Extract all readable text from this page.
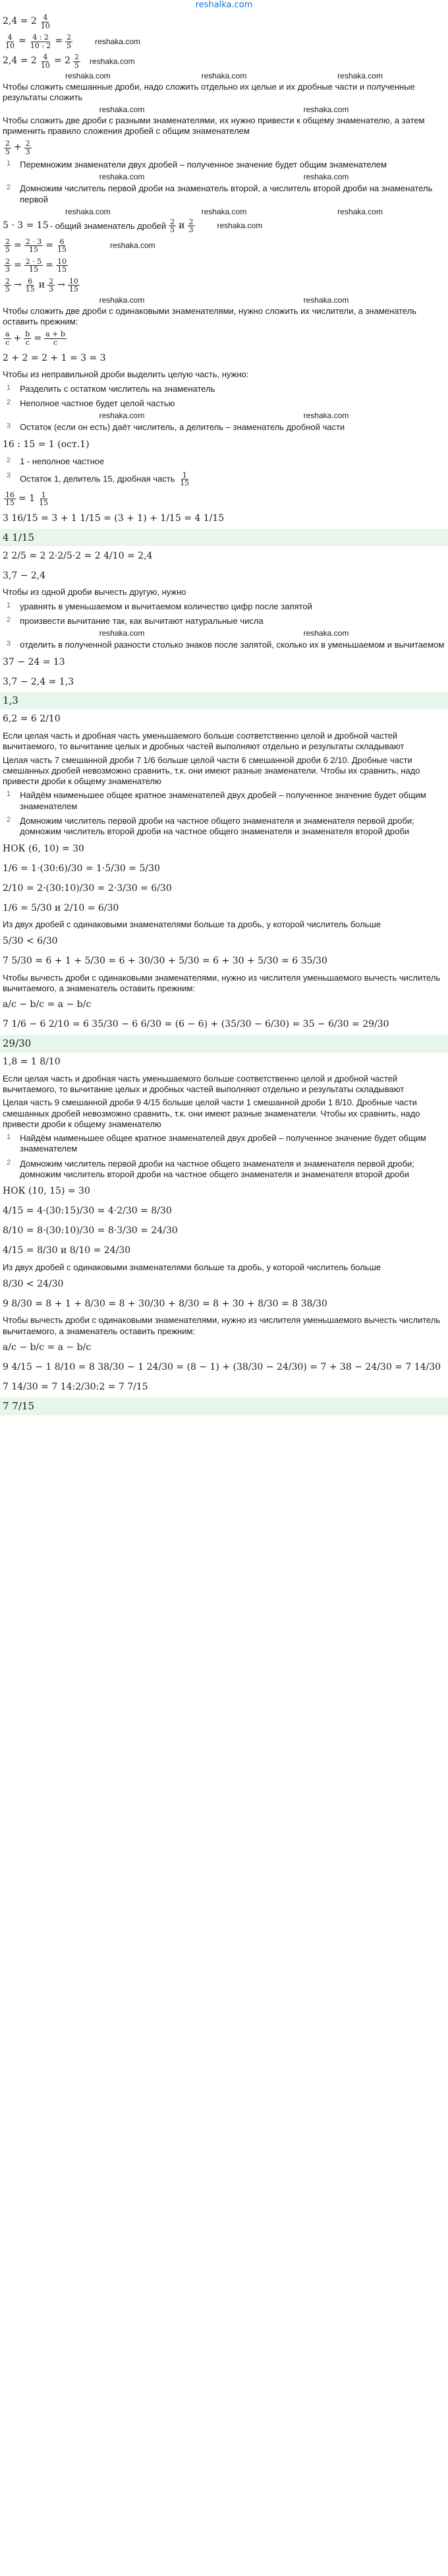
reshalka.com
$2,4 = 2 \frac{4}{10}$
$\frac{4}{10} = \frac{4 : 2}{10 : 2} = \frac{2}{5}$	reshaka.com
$2,4 = 2 \frac{4}{10} = 2 \frac{2}{5}$ reshaka.com
reshaka.com	reshaka.com	reshaka.com
Чтобы сложить смешанные дроби, надо сложить отдельно их целые и их дробные части и полученные результаты сложить
reshaka.com	reshaka.com
Чтобы сложить две дроби с разными знаменателями, их нужно привести к общему знаменателю, а затем применить правило сложения дробей с общим знаменателем
$\frac{2}{5} + \frac{2}{3}$
1 Перемножим знаменатели двух дробей – полученное значение будет общим знаменателем
reshaka.com	reshaka.com
2 Домножим числитель первой дроби на знаменатель второй, а числитель второй дроби на знаменатель первой
reshaka.com	reshaka.com	reshaka.com
5 · 3 = 15 - общий знаменатель дробей $\frac{2}{5}$ и $\frac{2}{3}$	reshaka.com
$\frac{2}{5} = \frac{2 \cdot 3}{15} = \frac{6}{15}$	reshaka.com
$\frac{2}{3} = \frac{2 \cdot 5}{15} = \frac{10}{15}$
$\frac{2}{5} \to \frac{6}{15}$ и $\frac{2}{3} \to \frac{10}{15}$
reshaka.com	reshaka.com
Чтобы сложить две дроби с одинаковыми знаменателями, нужно сложить их числители, а знаменатель оставить прежним:
$\frac{a}{c} + \frac{b}{c} = \frac{a + b}{c}$
2 + 2 = 2 + 1 = 3 = 3
Чтобы из неправильной дроби выделить целую часть, нужно:
1 Разделить с остатком числитель на знаменатель
2 Неполное частное будет целой частью
reshaka.com	reshaka.com
3 Остаток (если он есть) даёт числитель, а делитель – знаменатель дробной части
16 : 15 = 1 (ост.1)
2 1 - неполное частное
3 Остаток 1, делитель 15, дробная часть $\frac{1}{15}$
$\frac{16}{15} = 1 \frac{1}{15}$
3 16/15 = 3 + 1 1/15 = (3 + 1) + 1/15 = 4 1/15
4 1/15
2 2/5 = 2 2·2/5·2 = 2 4/10 = 2,4
3,7 − 2,4
Чтобы из одной дроби вычесть другую, нужно
1 уравнять в уменьшаемом и вычитаемом количество цифр после запятой
2 произвести вычитание так, как вычитают натуральные числа
reshaka.com	reshaka.com
3 отделить в полученной разности столько знаков после запятой, сколько их в уменьшаемом и вычитаемом
37 − 24 = 13
3,7 − 2,4 = 1,3
1,3
6,2 = 6 2/10
Если целая часть и дробная часть уменьшаемого больше соответственно целой и дробной частей вычитаемого, то вычитание целых и дробных частей выполняют отдельно и результаты складывают
Целая часть 7 смешанной дроби 7 1/6 больше целой части 6 смешанной дроби 6 2/10. Дробные части смешанных дробей невозможно сравнить, т.к. они имеют разные знаменатели. Чтобы их сравнить, надо привести дроби к общему знаменателю
1 Найдём наименьшее общее кратное знаменателей двух дробей – полученное значение будет общим знаменателем
2 Домножим числитель первой дроби на частное общего знаменателя и знаменателя первой дроби; домножим числитель второй дроби на частное общего знаменателя и знаменателя второй дроби
НОК (6, 10) = 30
1/6 = 1·(30:6)/30 = 1·5/30 = 5/30
2/10 = 2·(30:10)/30 = 2·3/30 = 6/30
1/6 = 5/30 и 2/10 = 6/30
Из двух дробей с одинаковыми знаменателями больше та дробь, у которой числитель больше
5/30 < 6/30
7 5/30 = 6 + 1 + 5/30 = 6 + 30/30 + 5/30 = 6 + 30 + 5/30 = 6 35/30
Чтобы вычесть дроби с одинаковыми знаменателями, нужно из числителя уменьшаемого вычесть числитель вычитаемого, а знаменатель оставить прежним:
a/c − b/c = a − b/c
7 1/6 − 6 2/10 = 6 35/30 − 6 6/30 = (6 − 6) + (35/30 − 6/30) = 35 − 6/30 = 29/30
29/30
1,8 = 1 8/10
Если целая часть и дробная часть уменьшаемого больше соответственно целой и дробной частей вычитаемого, то вычитание целых и дробных частей выполняют отдельно и результаты складывают
Целая часть 9 смешанной дроби 9 4/15 больше целой части 1 смешанной дроби 1 8/10. Дробные части смешанных дробей невозможно сравнить, т.к. они имеют разные знаменатели. Чтобы их сравнить, надо привести дроби к общему знаменателю
1 Найдём наименьшее общее кратное знаменателей двух дробей – полученное значение будет общим знаменателем
2 Домножим числитель первой дроби на частное общего знаменателя и знаменателя первой дроби; домножим числитель второй дроби на частное общего знаменателя и знаменателя второй дроби
НОК (10, 15) = 30
4/15 = 4·(30:15)/30 = 4·2/30 = 8/30
8/10 = 8·(30:10)/30 = 8·3/30 = 24/30
4/15 = 8/30 и 8/10 = 24/30
Из двух дробей с одинаковыми знаменателями больше та дробь, у которой числитель больше
8/30 < 24/30
9 8/30 = 8 + 1 + 8/30 = 8 + 30/30 + 8/30 = 8 + 30 + 8/30 = 8 38/30
Чтобы вычесть дроби с одинаковыми знаменателями, нужно из числителя уменьшаемого вычесть числитель вычитаемого, а знаменатель оставить прежним:
a/c − b/c = a − b/c
9 4/15 − 1 8/10 = 8 38/30 − 1 24/30 = (8 − 1) + (38/30 − 24/30) = 7 + 38 − 24/30 = 7 14/30
7 14/30 = 7 14:2/30:2 = 7 7/15
7 7/15
